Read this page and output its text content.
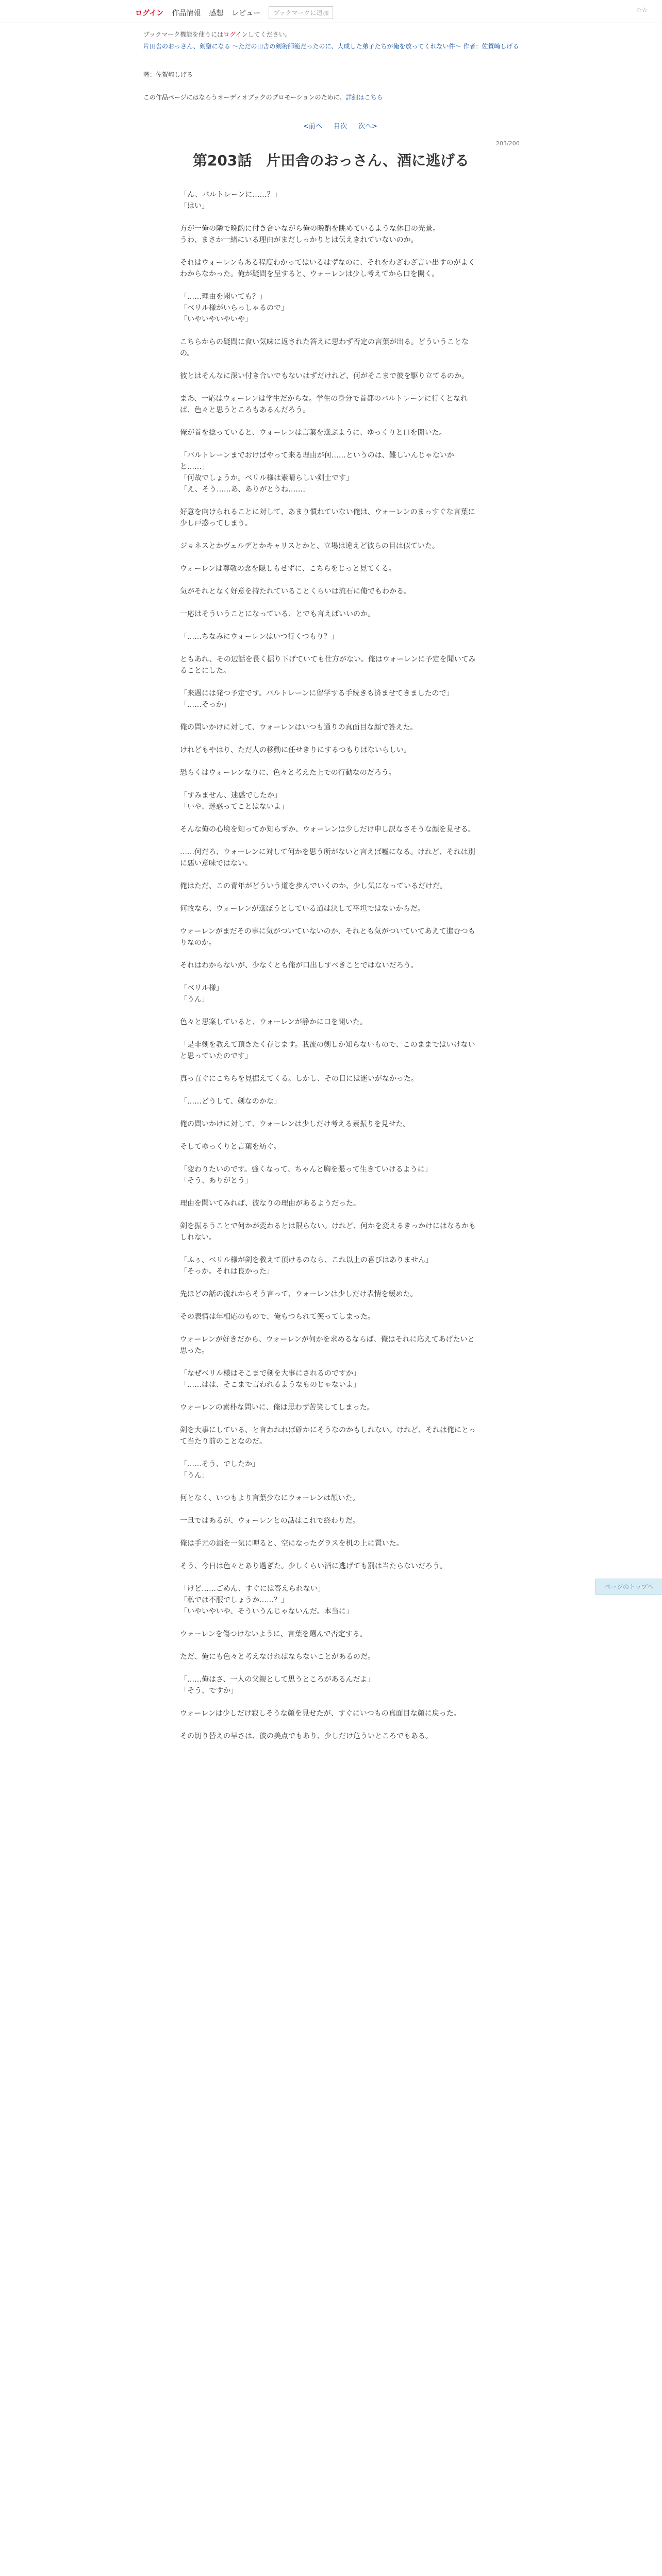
ログイン 作品情報 感想 レビュー	ブックマークに追加	☆☆
ブックマーク機能を使うにはログインしてください。
片田舎のおっさん、剣聖になる ～ただの田舎の剣術師範だったのに、大成した弟子たちが俺を放ってくれない件～ 作者：佐賀崎しげる
著：佐賀崎しげる
この作品ページにはなろうオーディオブックのプロモーションのために、詳細はこちら
<前へ 目次 次へ>
203/206
第203話　片田舎のおっさん、酒に逃げる

「ん、バルトレーンに……？」
「はい」

方が一俺の隣で晩酌に付き合いながら俺の晩酌を眺めているような休日の光景。
うわ、まさか一緒にいる理由がまだしっかりとは伝えきれていないのか。

それはウォーレンもある程度わかってはいるはずなのに、それをわざわざ言い出すのがよくわからなかった。俺が疑問を呈すると、ウォーレンは少し考えてから口を開く。

「……理由を聞いても？」
「ベリル様がいらっしゃるので」
「いやいやいやいや」

こちらからの疑問に食い気味に返された答えに思わず否定の言葉が出る。どういうことなの。

彼とはそんなに深い付き合いでもないはずだけれど、何がそこまで彼を駆り立てるのか。

まあ、一応はウォーレンは学生だからな。学生の身分で首都のバルトレーンに行くとなれば、色々と思うところもあるんだろう。

俺が首を捻っていると、ウォーレンは言葉を選ぶように、ゆっくりと口を開いた。

「バルトレーンまでおけばやって来る理由が何……というのは、難しいんじゃないかと……」
「何故でしょうか。ベリル様は素晴らしい剣士です」
「え、そう……あ、ありがとうね……」

好意を向けられることに対して、あまり慣れていない俺は、ウォーレンのまっすぐな言葉に少し戸惑ってしまう。

ジョネスとかヴェルデとかキャリスとかと、立場は違えど彼らの目は似ていた。

ウォーレンは尊敬の念を隠しもせずに、こちらをじっと見てくる。

気がそれとなく好意を持たれていることくらいは流石に俺でもわかる。

一応はそういうことになっている、とでも言えばいいのか。

「……ちなみにウォーレンはいつ行くつもり？」

ともあれ、その辺話を長く掘り下げていても仕方がない。俺はウォーレンに予定を聞いてみることにした。

「来週には発つ予定です。バルトレーンに留学する手続きも済ませてきましたので」
「……そっか」

俺の問いかけに対して、ウォーレンはいつも通りの真面目な顔で答えた。

けれどもやはり、ただ人の移動に任せきりにするつもりはないらしい。

恐らくはウォーレンなりに、色々と考えた上での行動なのだろう。

「すみません、迷惑でしたか」
「いや、迷惑ってことはないよ」

そんな俺の心境を知ってか知らずか、ウォーレンは少しだけ申し訳なさそうな顔を見せる。

……何だろ、ウォーレンに対して何かを思う所がないと言えば嘘になる。けれど、それは別に悪い意味ではない。

俺はただ、この青年がどういう道を歩んでいくのか、少し気になっているだけだ。

何故なら、ウォーレンが選ぼうとしている道は決して平坦ではないからだ。

ウォーレンがまだその事に気がついていないのか、それとも気がついていてあえて進むつもりなのか。

それはわからないが、少なくとも俺が口出しすべきことではないだろう。

「ベリル様」
「うん」

色々と思案していると、ウォーレンが静かに口を開いた。

「是非剣を教えて頂きたく存じます。我流の剣しか知らないもので、このままではいけないと思っていたのです」

真っ直ぐにこちらを見据えてくる。しかし、その目には迷いがなかった。

「……どうして、剣なのかな」

俺の問いかけに対して、ウォーレンは少しだけ考える素振りを見せた。

そしてゆっくりと言葉を紡ぐ。

「変わりたいのです。強くなって、ちゃんと胸を張って生きていけるように」
「そう、ありがとう」

理由を聞いてみれば、彼なりの理由があるようだった。

剣を振るうことで何かが変わるとは限らない。けれど、何かを変えるきっかけにはなるかもしれない。

「ふぅ、ベリル様が剣を教えて頂けるのなら、これ以上の喜びはありません」
「そっか。それは良かった」

先ほどの話の流れからそう言って、ウォーレンは少しだけ表情を緩めた。

その表情は年相応のもので、俺もつられて笑ってしまった。

ウォーレンが好きだから、ウォーレンが何かを求めるならば、俺はそれに応えてあげたいと思った。

「なぜベリル様はそこまで剣を大事にされるのですか」
「……はは、そこまで言われるようなものじゃないよ」

ウォーレンの素朴な問いに、俺は思わず苦笑してしまった。

剣を大事にしている、と言われれば確かにそうなのかもしれない。けれど、それは俺にとって当たり前のことなのだ。

「……そう、でしたか」
「うん」

何となく、いつもより言葉少なにウォーレンは頷いた。

一旦ではあるが、ウォーレンとの話はこれで終わりだ。

俺は手元の酒を一気に呷ると、空になったグラスを机の上に置いた。

そう、今日は色々とあり過ぎた。少しくらい酒に逃げても罰は当たらないだろう。

「けど……ごめん、すぐには答えられない」
「私では不服でしょうか……？」
「いやいやいや、そういうんじゃないんだ。本当に」

ウォーレンを傷つけないように、言葉を選んで否定する。

ただ、俺にも色々と考えなければならないことがあるのだ。

「……俺はさ、一人の父親として思うところがあるんだよ」
「そう、ですか」

ウォーレンは少しだけ寂しそうな顔を見せたが、すぐにいつもの真面目な顔に戻った。

その切り替えの早さは、彼の美点でもあり、少しだけ危ういところでもある。

ページのトップへ
